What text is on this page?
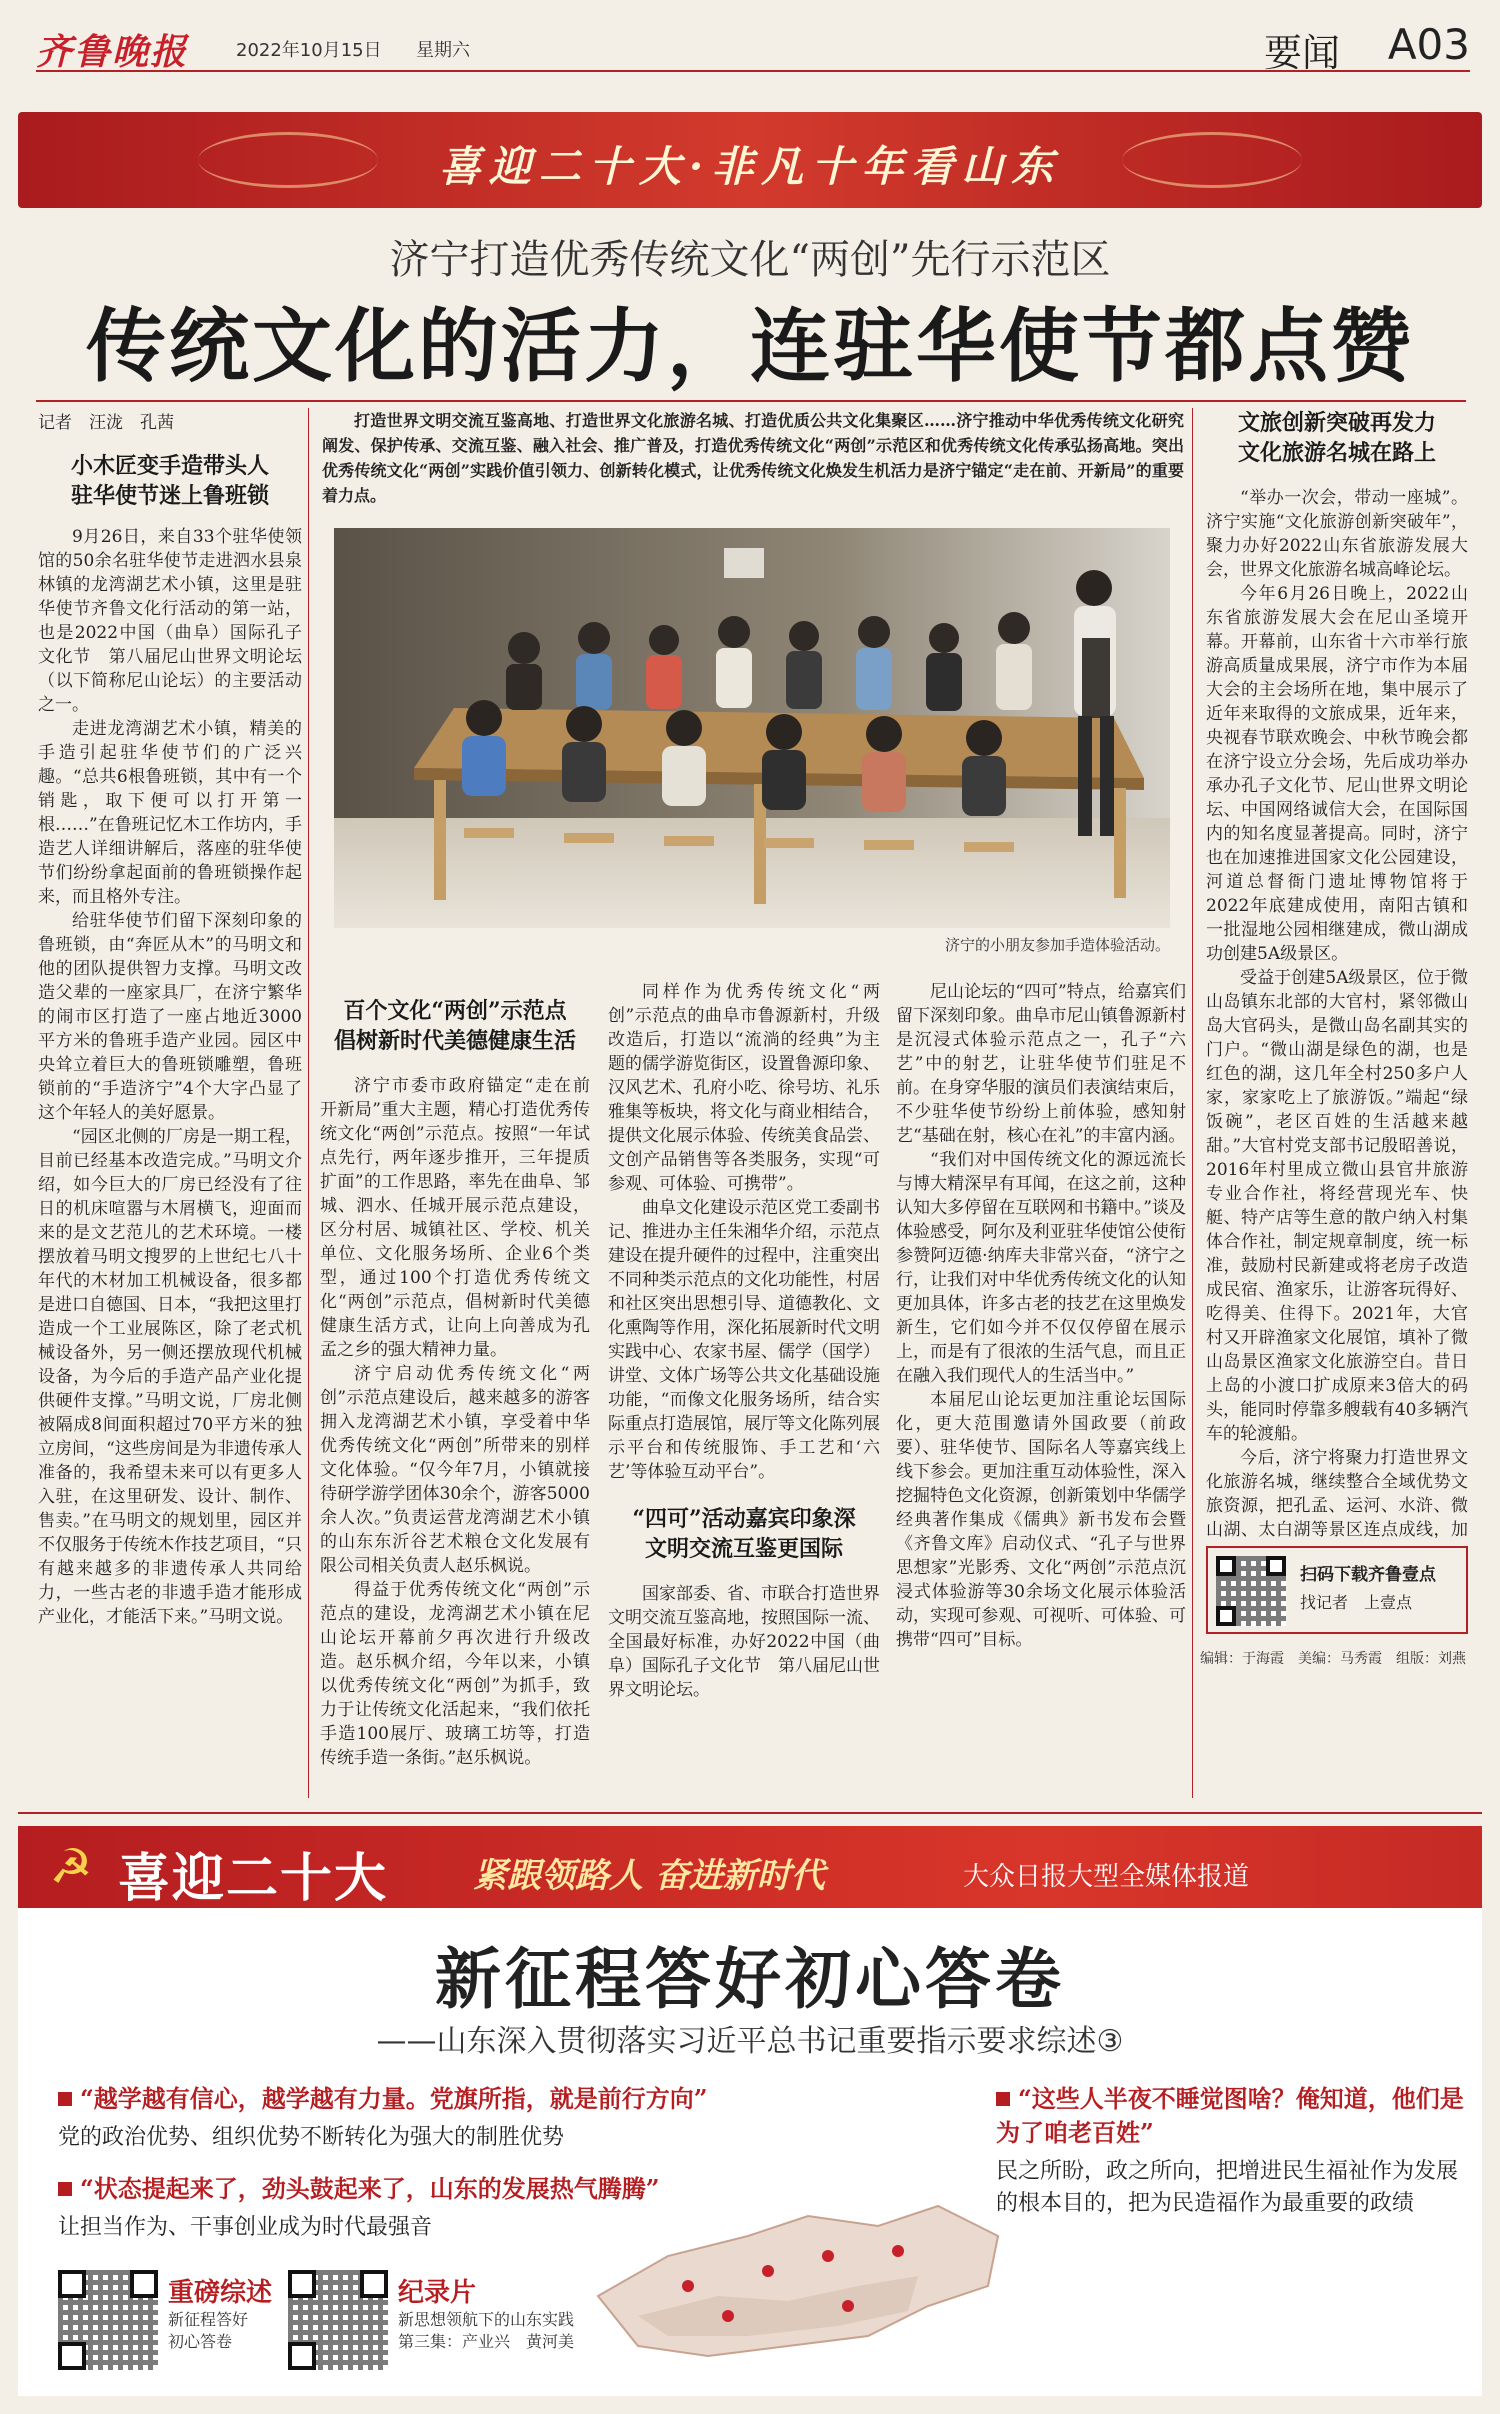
齐鲁晚报	2022年10月15日 星期六	要闻 A03
喜迎二十大·非凡十年看山东
济宁打造优秀传统文化“两创”先行示范区
传统文化的活力，连驻华使节都点赞
记者　汪泷　孔茜
小木匠变手造带头人
驻华使节迷上鲁班锁

9月26日，来自33个驻华使领馆的50余名驻华使节走进泗水县泉林镇的龙湾湖艺术小镇，这里是驻华使节齐鲁文化行活动的第一站，也是2022中国（曲阜）国际孔子文化节　第八届尼山世界文明论坛（以下简称尼山论坛）的主要活动之一。

走进龙湾湖艺术小镇，精美的手造引起驻华使节们的广泛兴趣。“总共6根鲁班锁，其中有一个销匙，取下便可以打开第一根……”在鲁班记忆木工作坊内，手造艺人详细讲解后，落座的驻华使节们纷纷拿起面前的鲁班锁操作起来，而且格外专注。

给驻华使节们留下深刻印象的鲁班锁，由“奔匠从木”的马明文和他的团队提供智力支撑。马明文改造父辈的一座家具厂，在济宁繁华的闹市区打造了一座占地近3000平方米的鲁班手造产业园。园区中央耸立着巨大的鲁班锁雕塑，鲁班锁前的“手造济宁”4个大字凸显了这个年轻人的美好愿景。

“园区北侧的厂房是一期工程，目前已经基本改造完成。”马明文介绍，如今巨大的厂房已经没有了往日的机床喧嚣与木屑横飞，迎面而来的是文艺范儿的艺术环境。一楼摆放着马明文搜罗的上世纪七八十年代的木材加工机械设备，很多都是进口自德国、日本，“我把这里打造成一个工业展陈区，除了老式机械设备外，另一侧还摆放现代机械设备，为今后的手造产品产业化提供硬件支撑。”马明文说，厂房北侧被隔成8间面积超过70平方米的独立房间，“这些房间是为非遗传承人准备的，我希望未来可以有更多人入驻，在这里研发、设计、制作、售卖。”在马明文的规划里，园区并不仅服务于传统木作技艺项目，“只有越来越多的非遗传承人共同给力，一些古老的非遗手造才能形成产业化，才能活下来。”马明文说。

打造世界文明交流互鉴高地、打造世界文化旅游名城、打造优质公共文化集聚区……济宁推动中华优秀传统文化研究阐发、保护传承、交流互鉴、融入社会、推广普及，打造优秀传统文化“两创”示范区和优秀传统文化传承弘扬高地。突出优秀传统文化“两创”实践价值引领力、创新转化模式，让优秀传统文化焕发生机活力是济宁锚定“走在前、开新局”的重要着力点。
济宁的小朋友参加手造体验活动。
百个文化“两创”示范点
倡树新时代美德健康生活

济宁市委市政府锚定“走在前　开新局”重大主题，精心打造优秀传统文化“两创”示范点。按照“一年试点先行，两年逐步推开，三年提质扩面”的工作思路，率先在曲阜、邹城、泗水、任城开展示范点建设，区分村居、城镇社区、学校、机关单位、文化服务场所、企业6个类型，通过100个打造优秀传统文化“两创”示范点，倡树新时代美德健康生活方式，让向上向善成为孔孟之乡的强大精神力量。

济宁启动优秀传统文化“两创”示范点建设后，越来越多的游客拥入龙湾湖艺术小镇，享受着中华优秀传统文化“两创”所带来的别样文化体验。“仅今年7月，小镇就接待研学游学团体30余个，游客5000余人次。”负责运营龙湾湖艺术小镇的山东东沂谷艺术粮仓文化发展有限公司相关负责人赵乐枫说。

得益于优秀传统文化“两创”示范点的建设，龙湾湖艺术小镇在尼山论坛开幕前夕再次进行升级改造。赵乐枫介绍，今年以来，小镇以优秀传统文化“两创”为抓手，致力于让传统文化活起来，“我们依托手造100展厅、玻璃工坊等，打造传统手造一条街。”赵乐枫说。

同样作为优秀传统文化“两创”示范点的曲阜市鲁源新村，升级改造后，打造以“流淌的经典”为主题的儒学游览街区，设置鲁源印象、汉风艺术、孔府小吃、徐号坊、礼乐雅集等板块，将文化与商业相结合，提供文化展示体验、传统美食品尝、文创产品销售等各类服务，实现“可参观、可体验、可携带”。

曲阜文化建设示范区党工委副书记、推进办主任朱湘华介绍，示范点建设在提升硬件的过程中，注重突出不同种类示范点的文化功能性，村居和社区突出思想引导、道德教化、文化熏陶等作用，深化拓展新时代文明实践中心、农家书屋、儒学（国学）讲堂、文体广场等公共文化基础设施功能，“而像文化服务场所，结合实际重点打造展馆，展厅等文化陈列展示平台和传统服饰、手工艺和‘六艺’等体验互动平台”。

“四可”活动嘉宾印象深
文明交流互鉴更国际

国家部委、省、市联合打造世界文明交流互鉴高地，按照国际一流、全国最好标准，办好2022中国（曲阜）国际孔子文化节　第八届尼山世界文明论坛。

尼山论坛的“四可”特点，给嘉宾们留下深刻印象。曲阜市尼山镇鲁源新村是沉浸式体验示范点之一，孔子“六艺”中的射艺，让驻华使节们驻足不前。在身穿华服的演员们表演结束后，不少驻华使节纷纷上前体验，感知射艺“基础在射，核心在礼”的丰富内涵。

“我们对中国传统文化的源远流长与博大精深早有耳闻，在这之前，这种认知大多停留在互联网和书籍中。”谈及体验感受，阿尔及利亚驻华使馆公使衔参赞阿迈德·纳库夫非常兴奋，“济宁之行，让我们对中华优秀传统文化的认知更加具体，许多古老的技艺在这里焕发新生，它们如今并不仅仅停留在展示上，而是有了很浓的生活气息，而且正在融入我们现代人的生活当中。”

本届尼山论坛更加注重论坛国际化，更大范围邀请外国政要（前政要）、驻华使节、国际名人等嘉宾线上线下参会。更加注重互动体验性，深入挖掘特色文化资源，创新策划中华儒学经典著作集成《儒典》新书发布会暨《齐鲁文库》启动仪式、“孔子与世界思想家”光影秀、文化“两创”示范点沉浸式体验游等30余场文化展示体验活动，实现可参观、可视听、可体验、可携带“四可”目标。

文旅创新突破再发力
文化旅游名城在路上

“举办一次会，带动一座城”。济宁实施“文化旅游创新突破年”，聚力办好2022山东省旅游发展大会，世界文化旅游名城高峰论坛。

今年6月26日晚上，2022山东省旅游发展大会在尼山圣境开幕。开幕前，山东省十六市举行旅游高质量成果展，济宁市作为本届大会的主会场所在地，集中展示了近年来取得的文旅成果，近年来，央视春节联欢晚会、中秋节晚会都在济宁设立分会场，先后成功举办承办孔子文化节、尼山世界文明论坛、中国网络诚信大会，在国际国内的知名度显著提高。同时，济宁也在加速推进国家文化公园建设，河道总督衙门遗址博物馆将于2022年底建成使用，南阳古镇和一批湿地公园相继建成，微山湖成功创建5A级景区。

受益于创建5A级景区，位于微山岛镇东北部的大官村，紧邻微山岛大官码头，是微山岛名副其实的门户。“微山湖是绿色的湖，也是红色的湖，这几年全村250多户人家，家家吃上了旅游饭。”端起“绿饭碗”，老区百姓的生活越来越甜。”大官村党支部书记殷昭善说，2016年村里成立微山县官井旅游专业合作社，将经营现光车、快艇、特产店等生意的散户纳入村集体合作社，制定规章制度，统一标准，鼓励村民新建或将老房子改造成民宿、渔家乐，让游客玩得好、吃得美、住得下。2021年，大官村又开辟渔家文化展馆，填补了微山岛景区渔家文化旅游空白。昔日上岛的小渡口扩成原来3倍大的码头，能同时停靠多艘载有40多辆汽车的轮渡船。

今后，济宁将聚力打造世界文化旅游名城，继续整合全域优势文旅资源，把孔孟、运河、水浒、微山湖、太白湖等景区连点成线，加

扫码下载齐鲁壹点
找记者　上壹点
编辑：于海霞　美编：马秀霞　组版：刘燕
☭ 喜迎二十大 紧跟领路人 奋进新时代	大众日报大型全媒体报道
新征程答好初心答卷
——山东深入贯彻落实习近平总书记重要指示要求综述③
“越学越有信心，越学越有力量。党旗所指，就是前行方向”
党的政治优势、组织优势不断转化为强大的制胜优势
“状态提起来了，劲头鼓起来了，山东的发展热气腾腾”
让担当作为、干事创业成为时代最强音
“这些人半夜不睡觉图啥？俺知道，他们是为了咱老百姓”
民之所盼，政之所向，把增进民生福祉作为发展的根本目的，把为民造福作为最重要的政绩
重磅综述
新征程答好
初心答卷
纪录片
新思想领航下的山东实践
第三集：产业兴　黄河美
